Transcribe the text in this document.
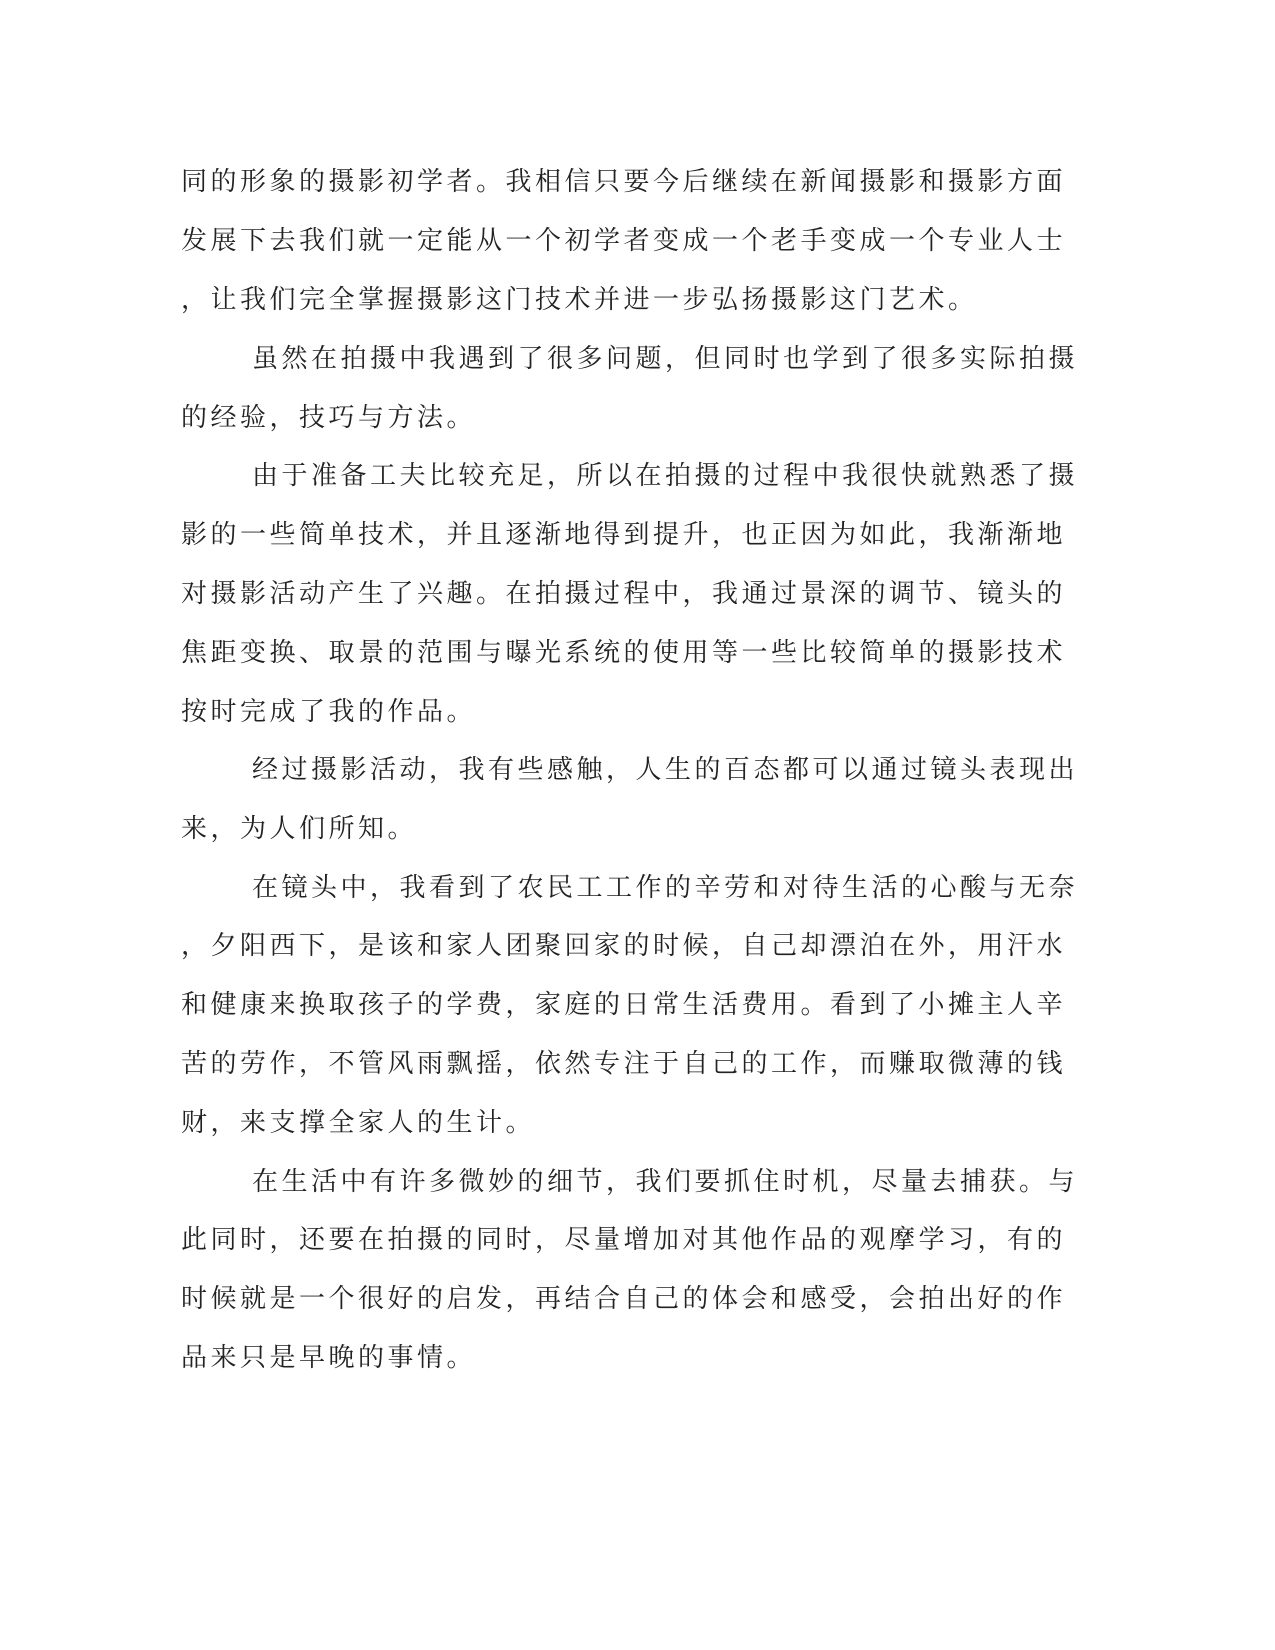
同的形象的摄影初学者。我相信只要今后继续在新闻摄影和摄影方面
发展下去我们就一定能从一个初学者变成一个老手变成一个专业人士
，让我们完全掌握摄影这门技术并进一步弘扬摄影这门艺术。
虽然在拍摄中我遇到了很多问题，但同时也学到了很多实际拍摄
的经验，技巧与方法。
由于准备工夫比较充足，所以在拍摄的过程中我很快就熟悉了摄
影的一些简单技术，并且逐渐地得到提升，也正因为如此，我渐渐地
对摄影活动产生了兴趣。在拍摄过程中，我通过景深的调节、镜头的
焦距变换、取景的范围与曝光系统的使用等一些比较简单的摄影技术
按时完成了我的作品。
经过摄影活动，我有些感触，人生的百态都可以通过镜头表现出
来，为人们所知。
在镜头中，我看到了农民工工作的辛劳和对待生活的心酸与无奈
，夕阳西下，是该和家人团聚回家的时候，自己却漂泊在外，用汗水
和健康来换取孩子的学费，家庭的日常生活费用。看到了小摊主人辛
苦的劳作，不管风雨飘摇，依然专注于自己的工作，而赚取微薄的钱
财，来支撑全家人的生计。
在生活中有许多微妙的细节，我们要抓住时机，尽量去捕获。与
此同时，还要在拍摄的同时，尽量增加对其他作品的观摩学习，有的
时候就是一个很好的启发，再结合自己的体会和感受，会拍出好的作
品来只是早晚的事情。
